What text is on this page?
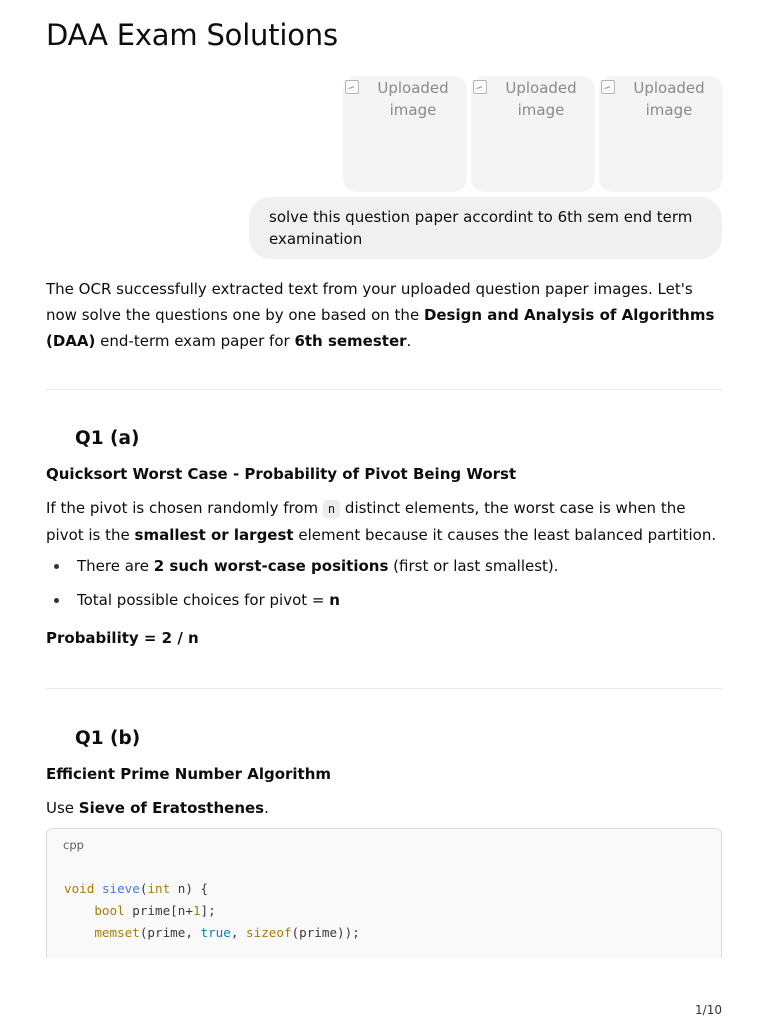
DAA Exam Solutions
Uploaded image
Uploaded image
Uploaded image
solve this question paper accordint to 6th sem end term examination
The OCR successfully extracted text from your uploaded question paper images. Let's now solve the questions one by one based on the Design and Analysis of Algorithms (DAA) end-term exam paper for 6th semester.
Q1 (a)
Quicksort Worst Case - Probability of Pivot Being Worst
If the pivot is chosen randomly from n distinct elements, the worst case is when the pivot is the smallest or largest element because it causes the least balanced partition.
There are 2 such worst-case positions (first or last smallest).
Total possible choices for pivot = n
Probability = 2 / n
Q1 (b)
Efficient Prime Number Algorithm
Use Sieve of Eratosthenes.
cpp
void sieve(int n) {
bool prime[n+1];
memset(prime, true, sizeof(prime));
1/10
